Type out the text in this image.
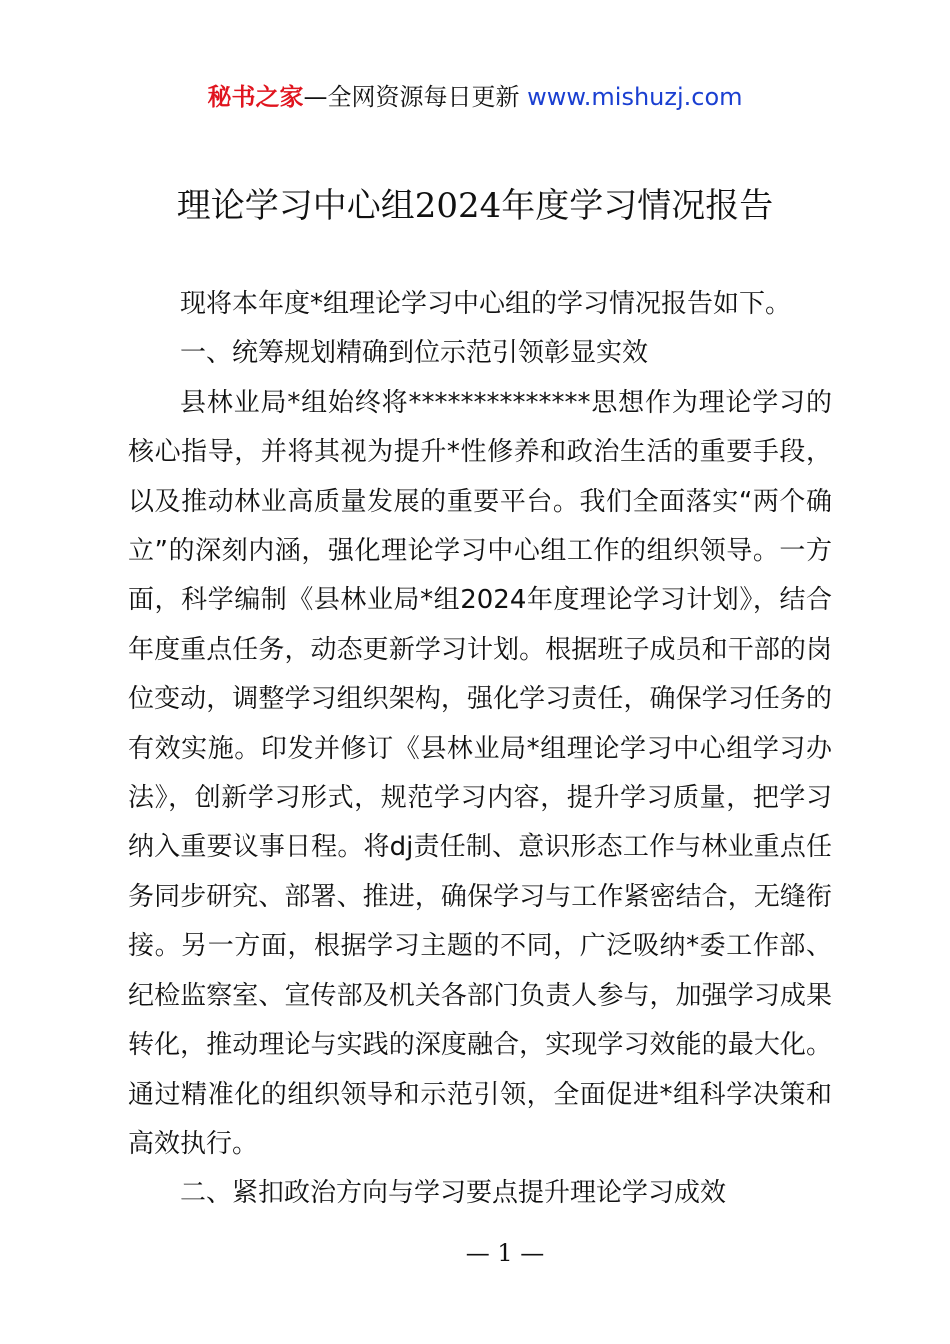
秘书之家—全网资源每日更新 www.mishuzj.com
理论学习中心组2024年度学习情况报告

现将本年度*组理论学习中心组的学习情况报告如下。

一、统筹规划精确到位示范引领彰显实效

县林业局*组始终将**************思想作为理论学习的核心指导，并将其视为提升*性修养和政治生活的重要手段，以及推动林业高质量发展的重要平台。我们全面落实“两个确立”的深刻内涵，强化理论学习中心组工作的组织领导。一方面，科学编制《县林业局*组2024年度理论学习计划》，结合年度重点任务，动态更新学习计划。根据班子成员和干部的岗位变动，调整学习组织架构，强化学习责任，确保学习任务的有效实施。印发并修订《县林业局*组理论学习中心组学习办法》，创新学习形式，规范学习内容，提升学习质量，把学习纳入重要议事日程。将dj责任制、意识形态工作与林业重点任务同步研究、部署、推进，确保学习与工作紧密结合，无缝衔接。另一方面，根据学习主题的不同，广泛吸纳*委工作部、纪检监察室、宣传部及机关各部门负责人参与，加强学习成果转化，推动理论与实践的深度融合，实现学习效能的最大化。通过精准化的组织领导和示范引领，全面促进*组科学决策和高效执行。

二、紧扣政治方向与学习要点提升理论学习成效

— 1 —
